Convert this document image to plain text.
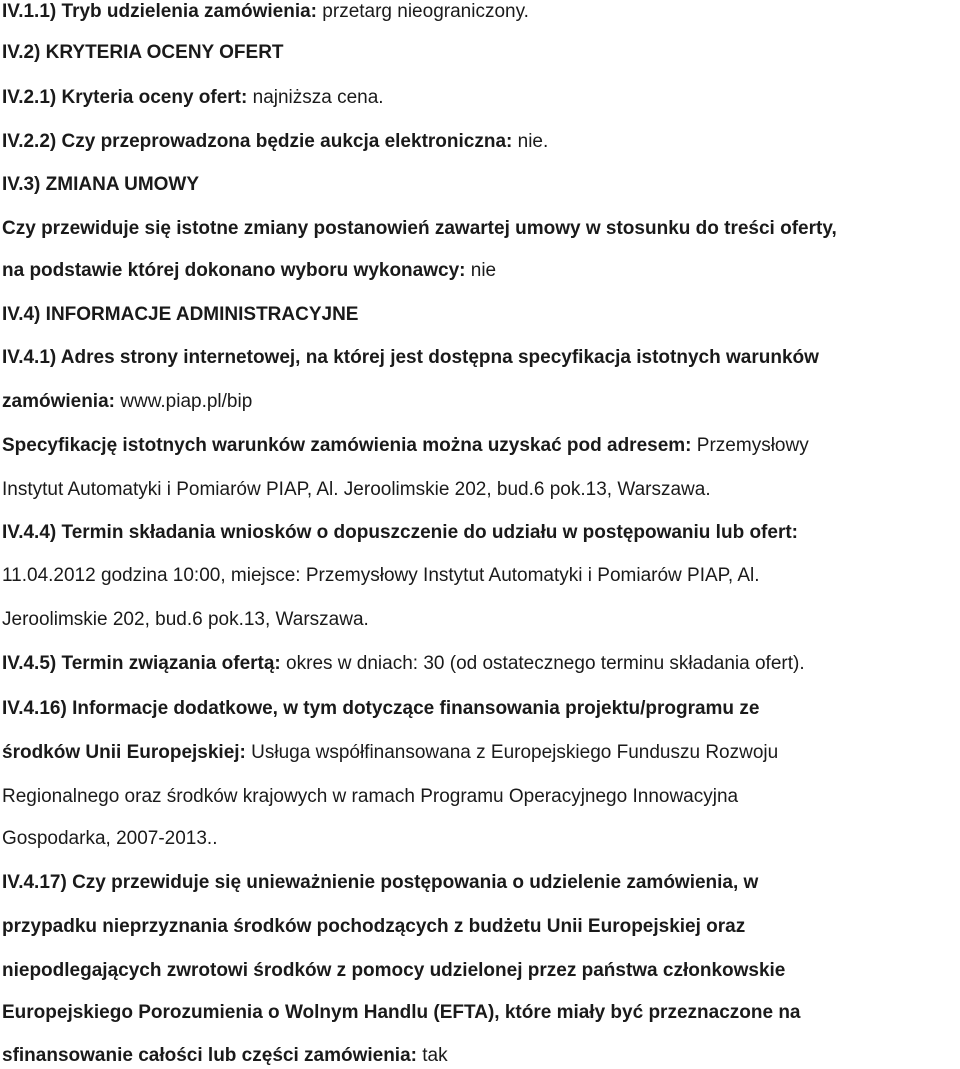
IV.1.1) Tryb udzielenia zamówienia: przetarg nieograniczony.
IV.2) KRYTERIA OCENY OFERT
IV.2.1) Kryteria oceny ofert: najniższa cena.
IV.2.2) Czy przeprowadzona będzie aukcja elektroniczna: nie.
IV.3) ZMIANA UMOWY
Czy przewiduje się istotne zmiany postanowień zawartej umowy w stosunku do treści oferty,
na podstawie której dokonano wyboru wykonawcy: nie
IV.4) INFORMACJE ADMINISTRACYJNE
IV.4.1) Adres strony internetowej, na której jest dostępna specyfikacja istotnych warunków
zamówienia: www.piap.pl/bip
Specyfikację istotnych warunków zamówienia można uzyskać pod adresem: Przemysłowy
Instytut Automatyki i Pomiarów PIAP, Al. Jeroolimskie 202, bud.6 pok.13, Warszawa.
IV.4.4) Termin składania wniosków o dopuszczenie do udziału w postępowaniu lub ofert:
11.04.2012 godzina 10:00, miejsce: Przemysłowy Instytut Automatyki i Pomiarów PIAP, Al.
Jeroolimskie 202, bud.6 pok.13, Warszawa.
IV.4.5) Termin związania ofertą: okres w dniach: 30 (od ostatecznego terminu składania ofert).
IV.4.16) Informacje dodatkowe, w tym dotyczące finansowania projektu/programu ze
środków Unii Europejskiej: Usługa współfinansowana z Europejskiego Funduszu Rozwoju
Regionalnego oraz środków krajowych w ramach Programu Operacyjnego Innowacyjna
Gospodarka, 2007-2013..
IV.4.17) Czy przewiduje się unieważnienie postępowania o udzielenie zamówienia, w
przypadku nieprzyznania środków pochodzących z budżetu Unii Europejskiej oraz
niepodlegających zwrotowi środków z pomocy udzielonej przez państwa członkowskie
Europejskiego Porozumienia o Wolnym Handlu (EFTA), które miały być przeznaczone na
sfinansowanie całości lub części zamówienia: tak
